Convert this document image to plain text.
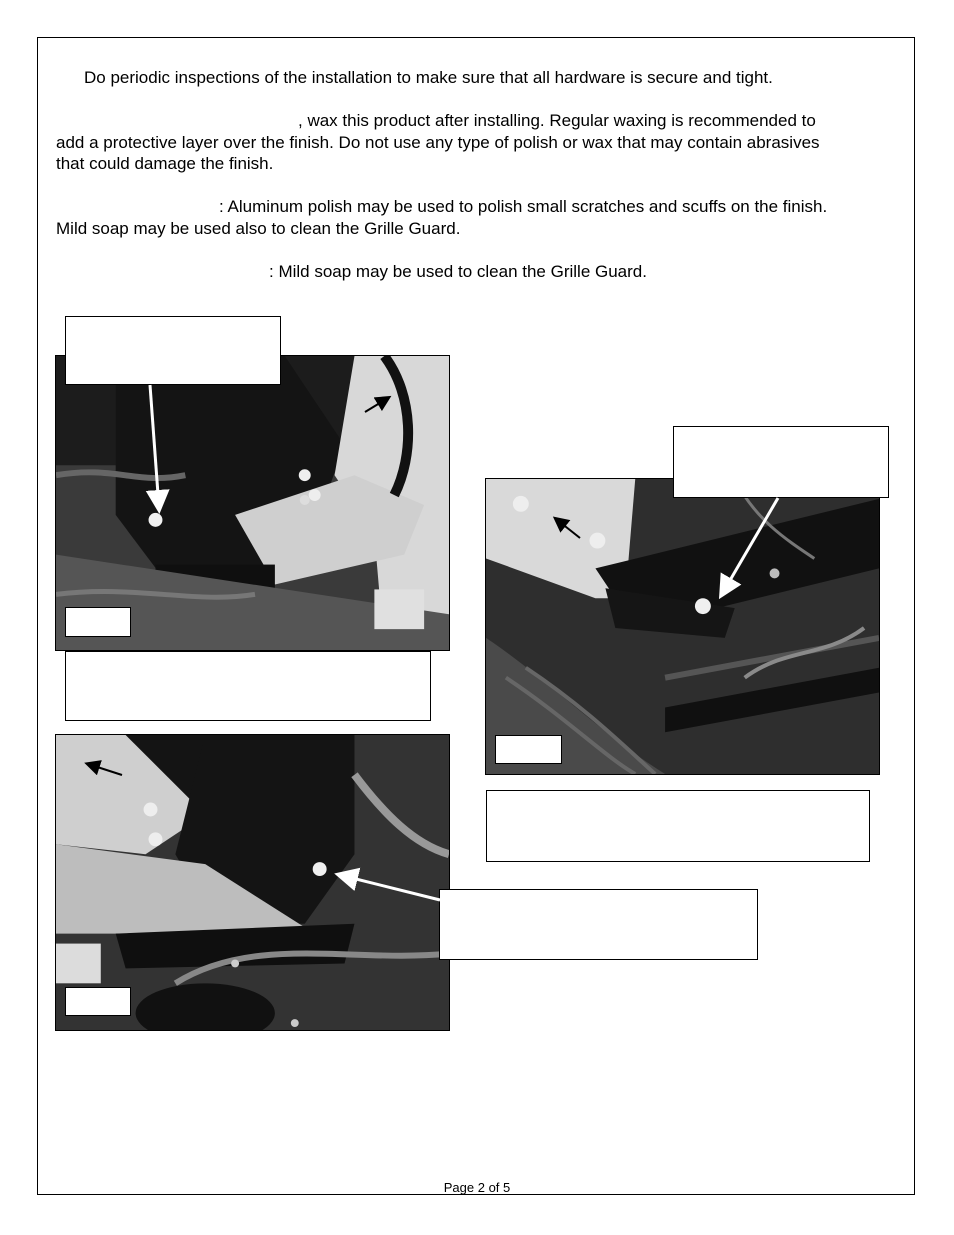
Do periodic inspections of the installation to make sure that all hardware is secure and tight.

, wax this product after installing. Regular waxing is recommended to

add a protective layer over the finish. Do not use any type of polish or wax that may contain abrasives

that could damage the finish.

: Aluminum polish may be used to polish small scratches and scuffs on the finish.

Mild soap may be used also to clean the Grille Guard.

: Mild soap may be used to clean the Grille Guard.

Page 2 of 5
